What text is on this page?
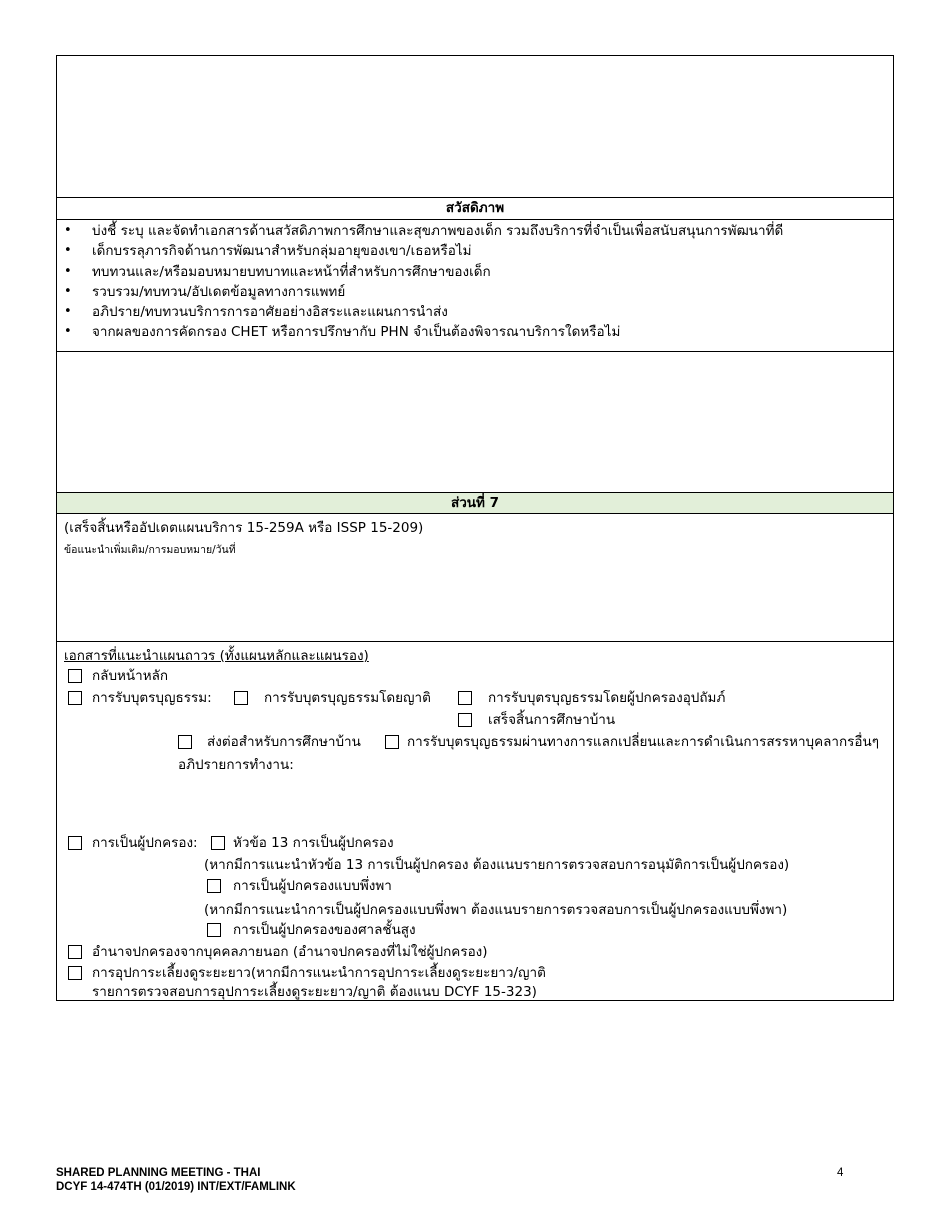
สวัสดิภาพ
• บ่งชี้ ระบุ และจัดทำเอกสารด้านสวัสดิภาพการศึกษาและสุขภาพของเด็ก รวมถึงบริการที่จำเป็นเพื่อสนับสนุนการพัฒนาที่ดี
• เด็กบรรลุภารกิจด้านการพัฒนาสำหรับกลุ่มอายุของเขา/เธอหรือไม่
• ทบทวนและ/หรือมอบหมายบทบาทและหน้าที่สำหรับการศึกษาของเด็ก
• รวบรวม/ทบทวน/อัปเดตข้อมูลทางการแพทย์
• อภิปราย/ทบทวนบริการการอาศัยอย่างอิสระและแผนการนำส่ง
• จากผลของการคัดกรอง CHET หรือการปรึกษากับ PHN จำเป็นต้องพิจารณาบริการใดหรือไม่
ส่วนที่ 7
(เสร็จสิ้นหรืออัปเดตแผนบริการ 15-259A หรือ ISSP 15-209)
ข้อแนะนำเพิ่มเติม/การมอบหมาย/วันที่
เอกสารที่แนะนำแผนถาวร (ทั้งแผนหลักและแผนรอง)
กลับหน้าหลัก
การรับบุตรบุญธรรม:	การรับบุตรบุญธรรมโดยญาติ	การรับบุตรบุญธรรมโดยผู้ปกครองอุปถัมภ์
เสร็จสิ้นการศึกษาบ้าน
ส่งต่อสำหรับการศึกษาบ้าน	การรับบุตรบุญธรรมผ่านทางการแลกเปลี่ยนและการดำเนินการสรรหาบุคลากรอื่นๆ
อภิปรายการทำงาน:
การเป็นผู้ปกครอง:	หัวข้อ 13 การเป็นผู้ปกครอง
(หากมีการแนะนำหัวข้อ 13 การเป็นผู้ปกครอง ต้องแนบรายการตรวจสอบการอนุมัติการเป็นผู้ปกครอง)
การเป็นผู้ปกครองแบบพึ่งพา
(หากมีการแนะนำการเป็นผู้ปกครองแบบพึ่งพา ต้องแนบรายการตรวจสอบการเป็นผู้ปกครองแบบพึ่งพา)
การเป็นผู้ปกครองของศาลชั้นสูง
อำนาจปกครองจากบุคคลภายนอก (อำนาจปกครองที่ไม่ใช่ผู้ปกครอง)
การอุปการะเลี้ยงดูระยะยาว(หากมีการแนะนำการอุปการะเลี้ยงดูระยะยาว/ญาติ
รายการตรวจสอบการอุปการะเลี้ยงดูระยะยาว/ญาติ ต้องแนบ DCYF 15-323)
SHARED PLANNING MEETING - THAI
DCYF 14-474TH (01/2019) INT/EXT/FAMLINK
4
